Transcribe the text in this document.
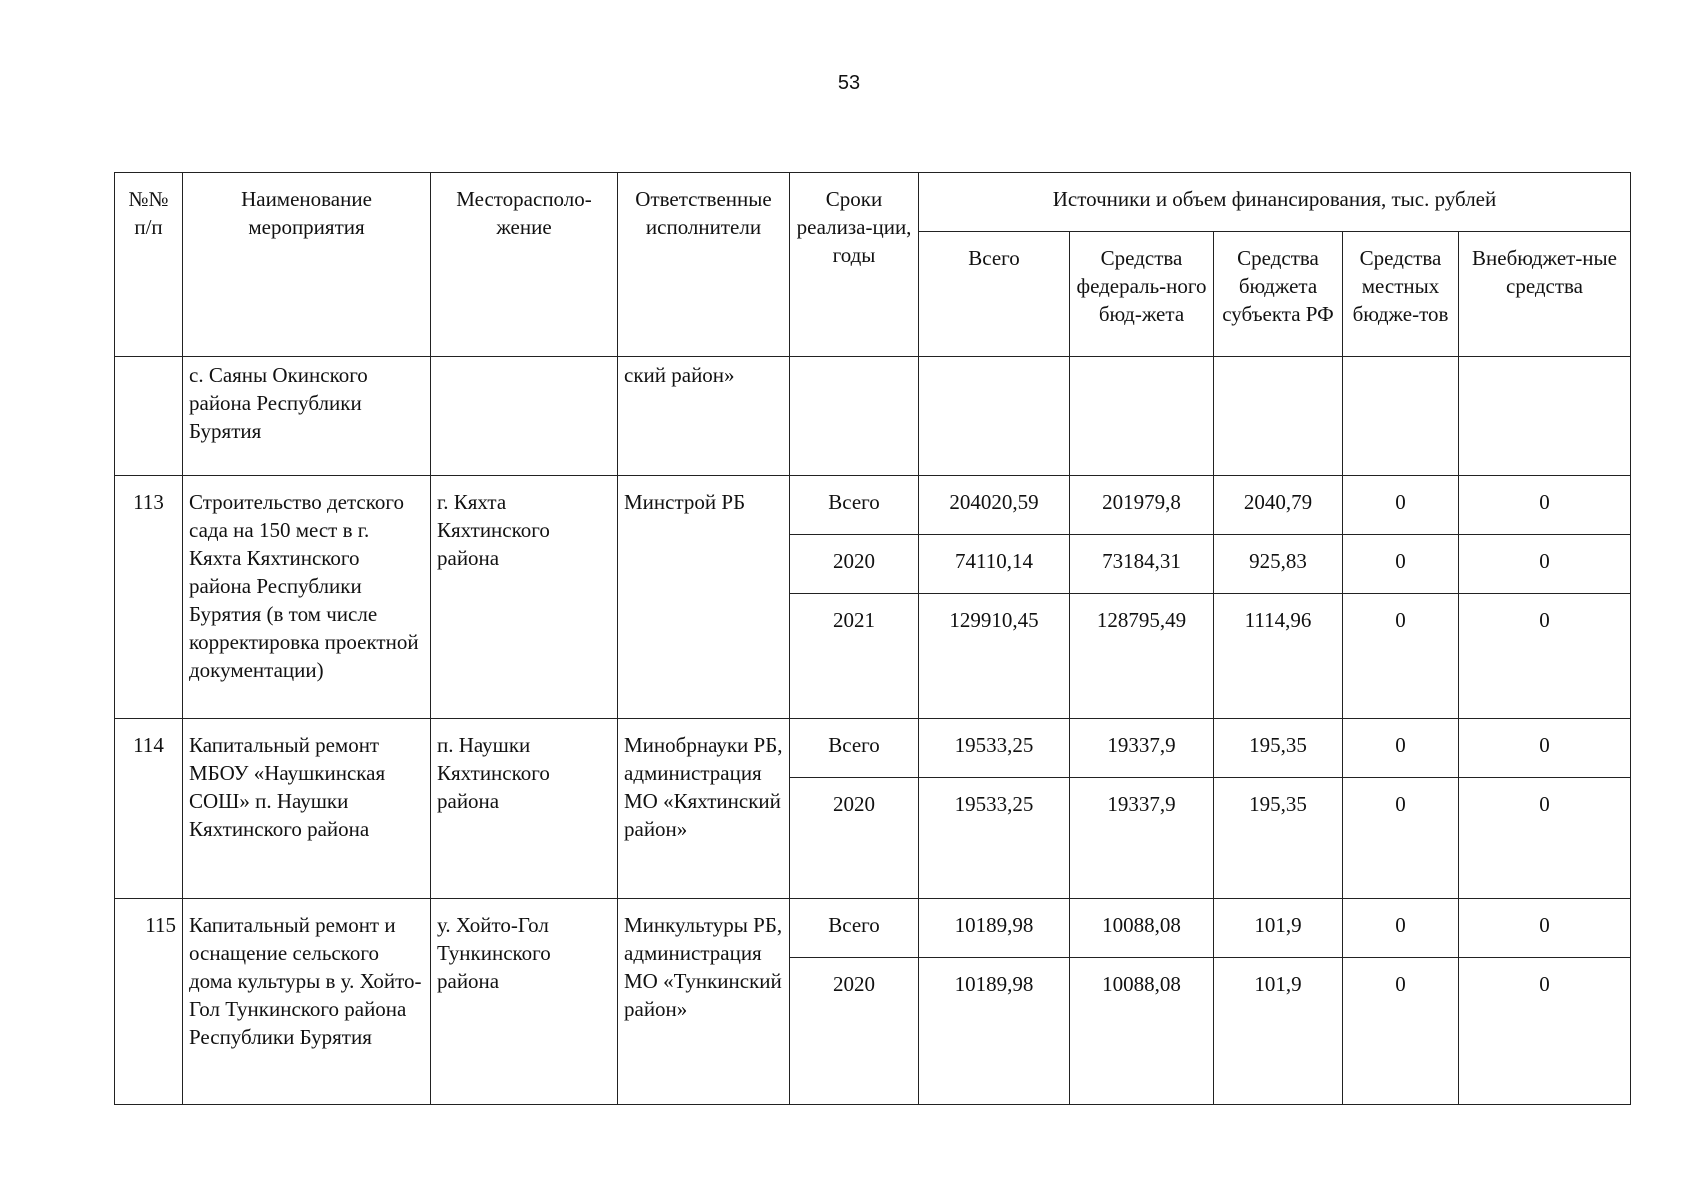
53
№№ п/п	Наименование мероприятия	Месторасполо-жение	Ответственные исполнители	Сроки реализа-ции, годы	Источники и объем финансирования, тыс. рублей				
					Всего	Средства федераль-ного бюд-жета	Средства бюджета субъекта РФ	Средства местных бюдже-тов	Внебюджет-ные средства
	с. Саяны Окинского района Республики Бурятия		ский район»						
113	Строительство детского сада на 150 мест в г. Кяхта Кяхтинского района Республики Бурятия (в том числе корректировка проектной документации)	г. Кяхта Кяхтинского района	Минстрой РБ	Всего	204020,59	201979,8	2040,79	0	0
				2020	74110,14	73184,31	925,83	0	0
				2021	129910,45	128795,49	1114,96	0	0
114	Капитальный ремонт МБОУ «Наушкинская СОШ» п. Наушки Кяхтинского района	п. Наушки Кяхтинского района	Минобрнауки РБ, администрация МО «Кяхтинский район»	Всего	19533,25	19337,9	195,35	0	0
				2020	19533,25	19337,9	195,35	0	0
115	Капитальный ремонт и оснащение сельского дома культуры в у. Хойто-Гол Тункинского района Республики Бурятия	у. Хойто-Гол Тункинского района	Минкультуры РБ, администрация МО «Тункинский район»	Всего	10189,98	10088,08	101,9	0	0
				2020	10189,98	10088,08	101,9	0	0
